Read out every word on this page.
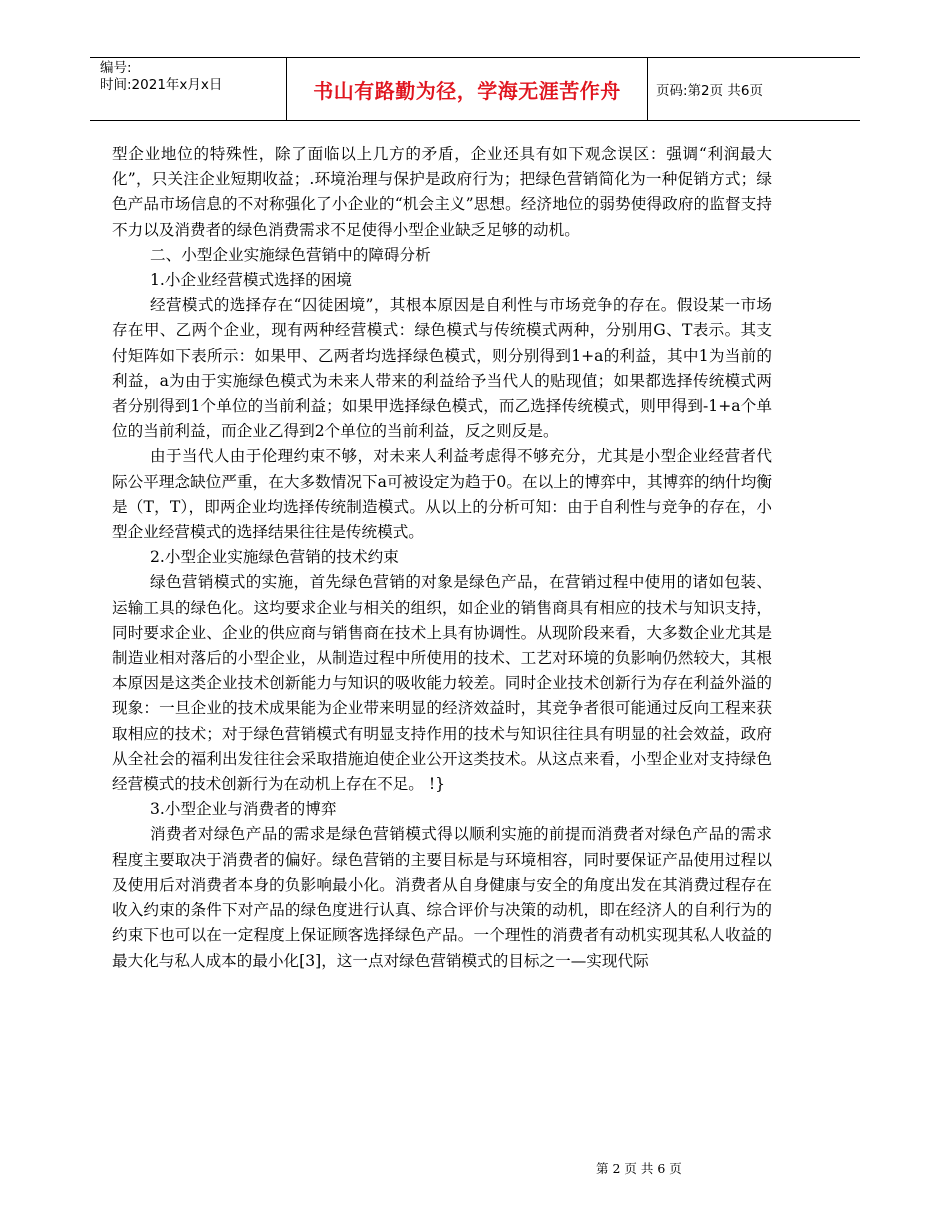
编号:
时间:2021年x月x日	书山有路勤为径，学海无涯苦作舟	页码:第2页 共6页

型企业地位的特殊性，除了面临以上几方的矛盾，企业还具有如下观念误区：强调“利润最大化”，只关注企业短期收益；.环境治理与保护是政府行为；把绿色营销简化为一种促销方式；绿色产品市场信息的不对称强化了小企业的“机会主义”思想。经济地位的弱势使得政府的监督支持不力以及消费者的绿色消费需求不足使得小型企业缺乏足够的动机。

二、小型企业实施绿色营销中的障碍分析

1.小企业经营模式选择的困境

经营模式的选择存在“囚徒困境”，其根本原因是自利性与市场竞争的存在。假设某一市场存在甲、乙两个企业，现有两种经营模式：绿色模式与传统模式两种，分别用G、T表示。其支付矩阵如下表所示：如果甲、乙两者均选择绿色模式，则分别得到1+a的利益，其中1为当前的利益，a为由于实施绿色模式为未来人带来的利益给予当代人的贴现值；如果都选择传统模式两者分别得到1个单位的当前利益；如果甲选择绿色模式，而乙选择传统模式，则甲得到-1+a个单位的当前利益，而企业乙得到2个单位的当前利益，反之则反是。

由于当代人由于伦理约束不够，对未来人利益考虑得不够充分，尤其是小型企业经营者代际公平理念缺位严重，在大多数情况下a可被设定为趋于0。在以上的博弈中，其博弈的纳什均衡是（T，T），即两企业均选择传统制造模式。从以上的分析可知：由于自利性与竞争的存在，小型企业经营模式的选择结果往往是传统模式。

2.小型企业实施绿色营销的技术约束

绿色营销模式的实施，首先绿色营销的对象是绿色产品，在营销过程中使用的诸如包装、运输工具的绿色化。这均要求企业与相关的组织，如企业的销售商具有相应的技术与知识支持，同时要求企业、企业的供应商与销售商在技术上具有协调性。从现阶段来看，大多数企业尤其是制造业相对落后的小型企业，从制造过程中所使用的技术、工艺对环境的负影响仍然较大，其根本原因是这类企业技术创新能力与知识的吸收能力较差。同时企业技术创新行为存在利益外溢的现象：一旦企业的技术成果能为企业带来明显的经济效益时，其竞争者很可能通过反向工程来获取相应的技术；对于绿色营销模式有明显支持作用的技术与知识往往具有明显的社会效益，政府从全社会的福利出发往往会采取措施迫使企业公开这类技术。从这点来看，小型企业对支持绿色经营模式的技术创新行为在动机上存在不足。 !}

3.小型企业与消费者的博弈

消费者对绿色产品的需求是绿色营销模式得以顺利实施的前提而消费者对绿色产品的需求程度主要取决于消费者的偏好。绿色营销的主要目标是与环境相容，同时要保证产品使用过程以及使用后对消费者本身的负影响最小化。消费者从自身健康与安全的角度出发在其消费过程存在收入约束的条件下对产品的绿色度进行认真、综合评价与决策的动机，即在经济人的自利行为的约束下也可以在一定程度上保证顾客选择绿色产品。一个理性的消费者有动机实现其私人收益的最大化与私人成本的最小化[3]，这一点对绿色营销模式的目标之一—实现代际

第 2 页 共 6 页
